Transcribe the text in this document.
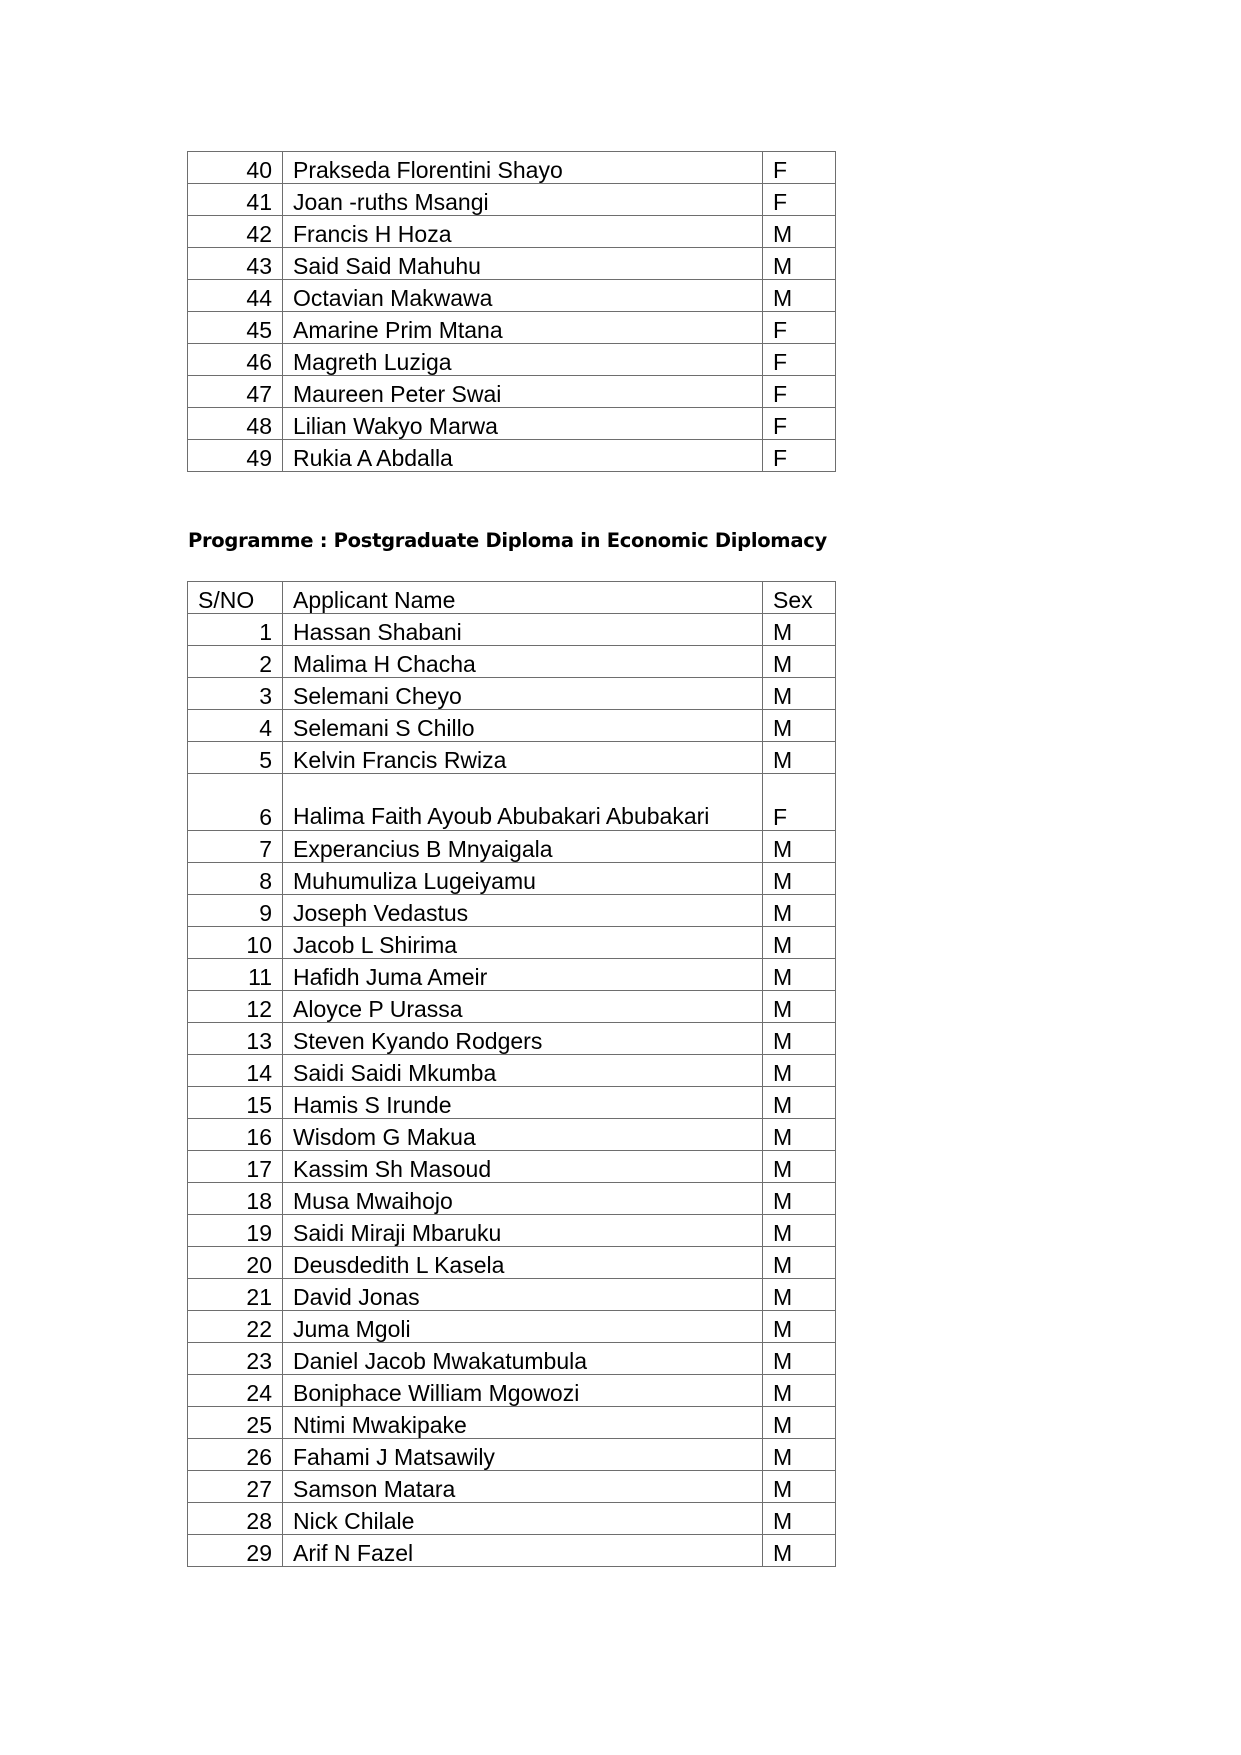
40	Prakseda Florentini Shayo	F
41	Joan -ruths Msangi	F
42	Francis H Hoza	M
43	Said Said Mahuhu	M
44	Octavian Makwawa	M
45	Amarine Prim Mtana	F
46	Magreth Luziga	F
47	Maureen Peter Swai	F
48	Lilian Wakyo Marwa	F
49	Rukia A Abdalla	F
Programme : Postgraduate Diploma in Economic Diplomacy
S/NO	Applicant Name	Sex
1	Hassan Shabani	M
2	Malima H Chacha	M
3	Selemani Cheyo	M
4	Selemani S Chillo	M
5	Kelvin Francis Rwiza	M
6	Halima Faith Ayoub Abubakari Abubakari	F
7	Experancius B Mnyaigala	M
8	Muhumuliza Lugeiyamu	M
9	Joseph Vedastus	M
10	Jacob L Shirima	M
11	Hafidh Juma Ameir	M
12	Aloyce P Urassa	M
13	Steven Kyando Rodgers	M
14	Saidi Saidi Mkumba	M
15	Hamis S Irunde	M
16	Wisdom G Makua	M
17	Kassim Sh Masoud	M
18	Musa Mwaihojo	M
19	Saidi Miraji Mbaruku	M
20	Deusdedith L Kasela	M
21	David Jonas	M
22	Juma Mgoli	M
23	Daniel Jacob Mwakatumbula	M
24	Boniphace William Mgowozi	M
25	Ntimi Mwakipake	M
26	Fahami J Matsawily	M
27	Samson Matara	M
28	Nick Chilale	M
29	Arif N Fazel	M
